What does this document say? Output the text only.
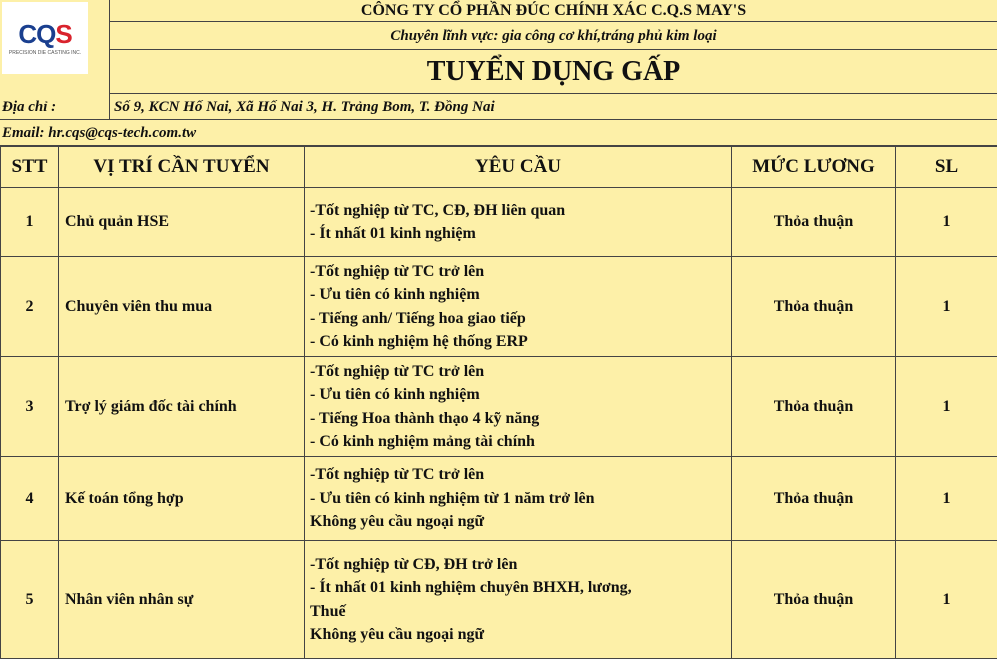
CQS
PRECISION DIE CASTING INC.
CÔNG TY CỔ PHẦN ĐÚC CHÍNH XÁC C.Q.S MAY'S
Chuyên lĩnh vực: gia công cơ khí,tráng phủ kim loại
TUYỂN DỤNG GẤP
Địa chỉ :	Số 9, KCN Hố Nai, Xã Hố Nai 3, H. Trảng Bom, T. Đồng Nai
Email: hr.cqs@cqs-tech.com.tw
STT	VỊ TRÍ CẦN TUYỂN	YÊU CẦU	MỨC LƯƠNG	SL
1	Chủ quản HSE	-Tốt nghiệp từ TC, CĐ, ĐH liên quan
- Ít nhất 01 kinh nghiệm	Thỏa thuận	1
2	Chuyên viên thu mua	-Tốt nghiệp từ TC trở lên
- Ưu tiên có kinh nghiệm
- Tiếng anh/ Tiếng hoa giao tiếp
- Có kinh nghiệm hệ thống ERP	Thỏa thuận	1
3	Trợ lý giám đốc tài chính	-Tốt nghiệp từ TC trở lên
- Ưu tiên có kinh nghiệm
- Tiếng Hoa thành thạo 4 kỹ năng
- Có kinh nghiệm mảng tài chính	Thỏa thuận	1
4	Kế toán tổng hợp	-Tốt nghiệp từ TC trở lên
- Ưu tiên có kinh nghiệm từ 1 năm trở lên
Không yêu cầu ngoại ngữ	Thỏa thuận	1
5	Nhân viên nhân sự	-Tốt nghiệp từ CĐ, ĐH trở lên
- Ít nhất 01 kinh nghiệm chuyên BHXH, lương,
Thuế
Không yêu cầu ngoại ngữ	Thỏa thuận	1
